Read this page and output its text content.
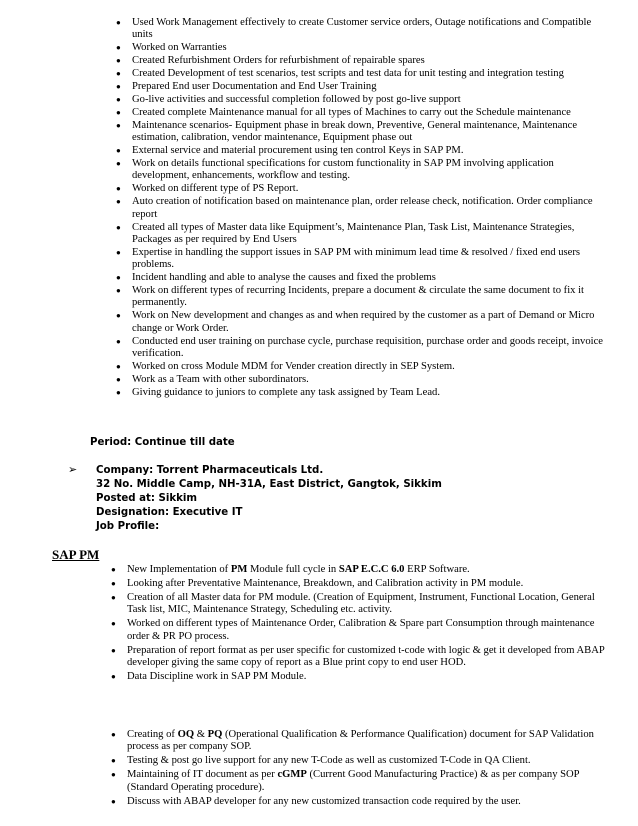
● Used Work Management effectively to create Customer service orders, Outage notifications and Compatible units
● Worked on Warranties
● Created Refurbishment Orders for refurbishment of repairable spares
● Created Development of test scenarios, test scripts and test data for unit testing and integration testing
● Prepared End user Documentation and End User Training
● Go-live activities and successful completion followed by post go-live support
● Created complete Maintenance manual for all types of Machines to carry out the Schedule maintenance
● Maintenance scenarios- Equipment phase in break down, Preventive, General maintenance, Maintenance estimation, calibration, vendor maintenance, Equipment phase out
● External service and material procurement using ten control Keys in SAP PM.
● Work on details functional specifications for custom functionality in SAP PM involving application development, enhancements, workflow and testing.
● Worked on different type of PS Report.
● Auto creation of notification based on maintenance plan, order release check, notification. Order compliance report
● Created all types of Master data like Equipment’s, Maintenance Plan, Task List, Maintenance Strategies, Packages as per required by End Users
● Expertise in handling the support issues in SAP PM with minimum lead time & resolved / fixed end users problems.
● Incident handling and able to analyse the causes and fixed the problems
● Work on different types of recurring Incidents, prepare a document & circulate the same document to fix it permanently.
● Work on New development and changes as and when required by the customer as a part of Demand or Micro change or Work Order.
● Conducted end user training on purchase cycle, purchase requisition, purchase order and goods receipt, invoice verification.
● Worked on cross Module MDM for Vender creation directly in SEP System.
● Work as a Team with other subordinators.
● Giving guidance to juniors to complete any task assigned by Team Lead.
Period: Continue till date
➢ Company: Torrent Pharmaceuticals Ltd.
32 No. Middle Camp, NH-31A, East District, Gangtok, Sikkim
Posted at: Sikkim
Designation: Executive IT
Job Profile:
SAP PM
● New Implementation of PM Module full cycle in SAP E.C.C 6.0 ERP Software.
● Looking after Preventative Maintenance, Breakdown, and Calibration activity in PM module.
● Creation of all Master data for PM module. (Creation of Equipment, Instrument, Functional Location, General Task list, MIC, Maintenance Strategy, Scheduling etc. activity.
● Worked on different types of Maintenance Order, Calibration & Spare part Consumption through maintenance order & PR PO process.
● Preparation of report format as per user specific for customized t-code with logic & get it developed from ABAP developer giving the same copy of report as a Blue print copy to end user HOD.
● Data Discipline work in SAP PM Module.
● Creating of OQ & PQ (Operational Qualification & Performance Qualification) document for SAP Validation process as per company SOP.
● Testing & post go live support for any new T-Code as well as customized T-Code in QA Client.
● Maintaining of IT document as per cGMP (Current Good Manufacturing Practice) & as per company SOP (Standard Operating procedure).
● Discuss with ABAP developer for any new customized transaction code required by the user.
